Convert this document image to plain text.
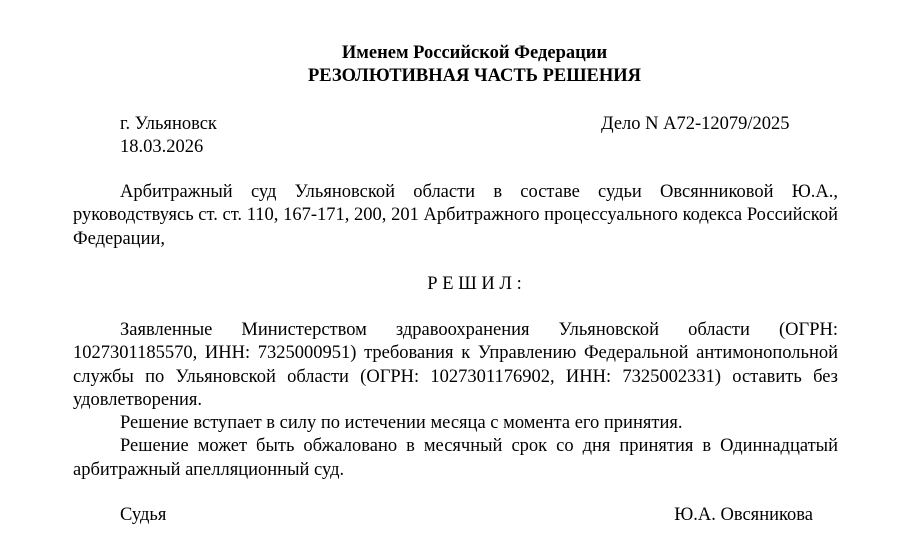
Именем Российской Федерации
РЕЗОЛЮТИВНАЯ ЧАСТЬ РЕШЕНИЯ
г. Ульяновск
18.03.2026
Дело N А72-12079/2025

Арбитражный суд Ульяновской области в составе судьи Овсянниковой Ю.А., руководствуясь ст. ст. 110, 167-171, 200, 201 Арбитражного процессуального кодекса Российской Федерации,

Р Е Ш И Л :

Заявленные Министерством здравоохранения Ульяновской области (ОГРН: 1027301185570, ИНН: 7325000951) требования к Управлению Федеральной антимонопольной службы по Ульяновской области (ОГРН: 1027301176902, ИНН: 7325002331) оставить без удовлетворения.

Решение вступает в силу по истечении месяца с момента его принятия.

Решение может быть обжаловано в месячный срок со дня принятия в Одиннадцатый арбитражный апелляционный суд.

Судья	Ю.А. Овсяникова
